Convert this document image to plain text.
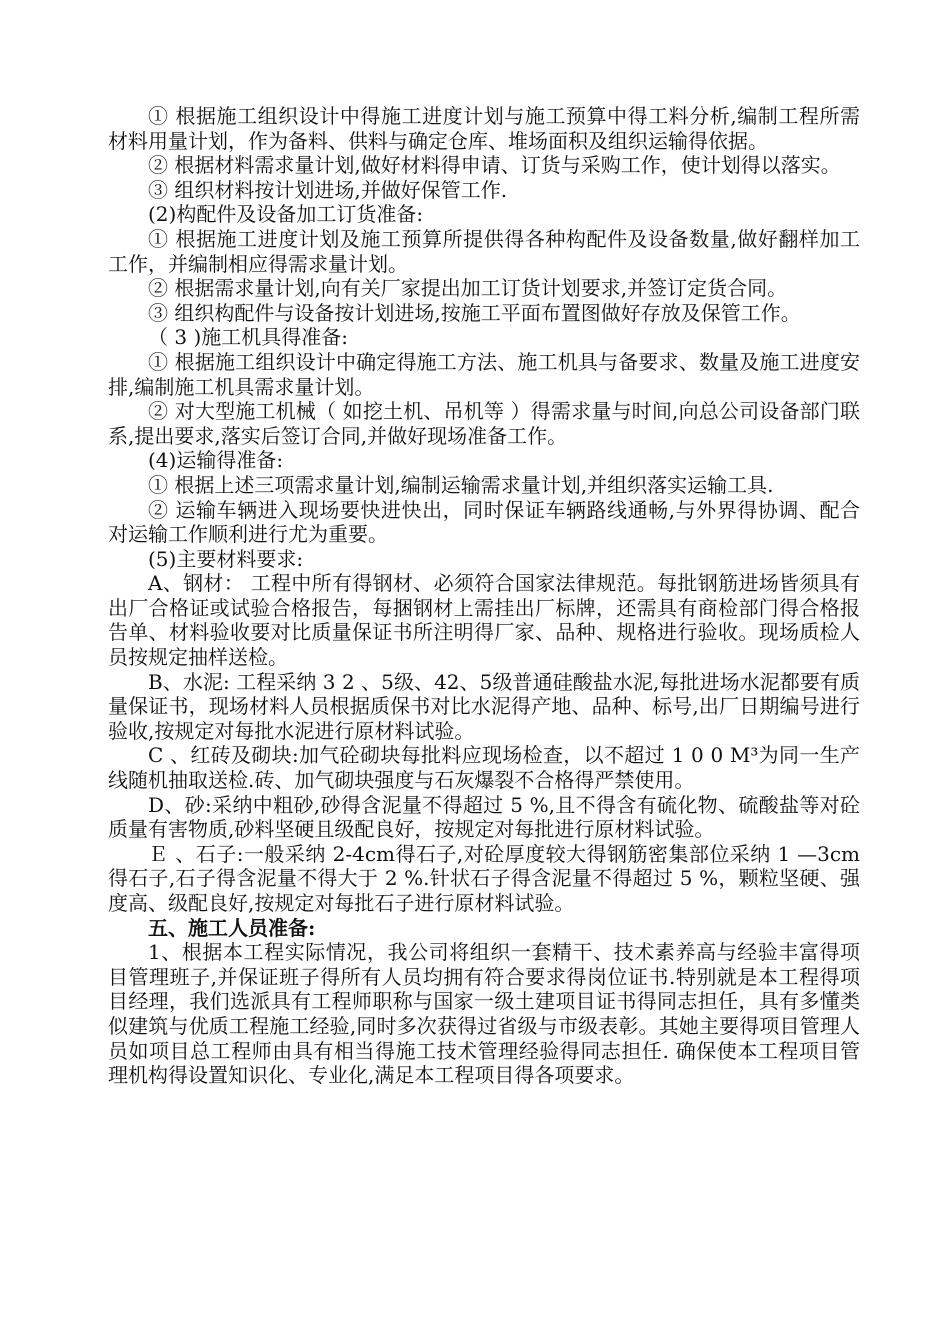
① 根据施工组织设计中得施工进度计划与施工预算中得工料分析,编制工程所需材料用量计划，作为备料、供料与确定仓库、堆场面积及组织运输得依据。

② 根据材料需求量计划,做好材料得申请、订货与采购工作，使计划得以落实。

③ 组织材料按计划进场,并做好保管工作.

(2)构配件及设备加工订货准备:

① 根据施工进度计划及施工预算所提供得各种构配件及设备数量,做好翻样加工工作，并编制相应得需求量计划。

② 根据需求量计划,向有关厂家提出加工订货计划要求,并签订定货合同。

③ 组织构配件与设备按计划进场,按施工平面布置图做好存放及保管工作。

（ 3 )施工机具得准备:

① 根据施工组织设计中确定得施工方法、施工机具与备要求、数量及施工进度安排,编制施工机具需求量计划。

② 对大型施工机械（ 如挖土机、吊机等 ）得需求量与时间,向总公司设备部门联系,提出要求,落实后签订合同,并做好现场准备工作。

(4)运输得准备:

① 根据上述三项需求量计划,编制运输需求量计划,并组织落实运输工具.

② 运输车辆进入现场要快进快出，同时保证车辆路线通畅,与外界得协调、配合对运输工作顺利进行尤为重要。

(5)主要材料要求:

A、钢材： 工程中所有得钢材、必须符合国家法律规范。每批钢筋进场皆须具有出厂合格证或试验合格报告，每捆钢材上需挂出厂标牌，还需具有商检部门得合格报告单、材料验收要对比质量保证书所注明得厂家、品种、规格进行验收。现场质检人员按规定抽样送检。

B、水泥: 工程采纳 3 2 、5级、42、5级普通硅酸盐水泥,每批进场水泥都要有质量保证书，现场材料人员根据质保书对比水泥得产地、品种、标号,出厂日期编号进行验收,按规定对每批水泥进行原材料试验。

C 、红砖及砌块:加气砼砌块每批料应现场检查，以不超过 1 0 0 M³为同一生产线随机抽取送检.砖、加气砌块强度与石灰爆裂不合格得严禁使用。

D、砂:采纳中粗砂,砂得含泥量不得超过 5 %,且不得含有硫化物、硫酸盐等对砼质量有害物质,砂料坚硬且级配良好，按规定对每批进行原材料试验。

Ｅ 、石子:一般采纳 2-4cm得石子,对砼厚度较大得钢筋密集部位采纳 1 —3cm得石子,石子得含泥量不得大于 2 %.针状石子得含泥量不得超过 5 %，颗粒坚硬、强度高、级配良好,按规定对每批石子进行原材料试验。

五、施工人员准备:

1、根据本工程实际情况，我公司将组织一套精干、技术素养高与经验丰富得项目管理班子,并保证班子得所有人员均拥有符合要求得岗位证书.特别就是本工程得项目经理，我们选派具有工程师职称与国家一级土建项目证书得同志担任，具有多懂类似建筑与优质工程施工经验,同时多次获得过省级与市级表彰。其她主要得项目管理人员如项目总工程师由具有相当得施工技术管理经验得同志担任. 确保使本工程项目管理机构得设置知识化、专业化,满足本工程项目得各项要求。
